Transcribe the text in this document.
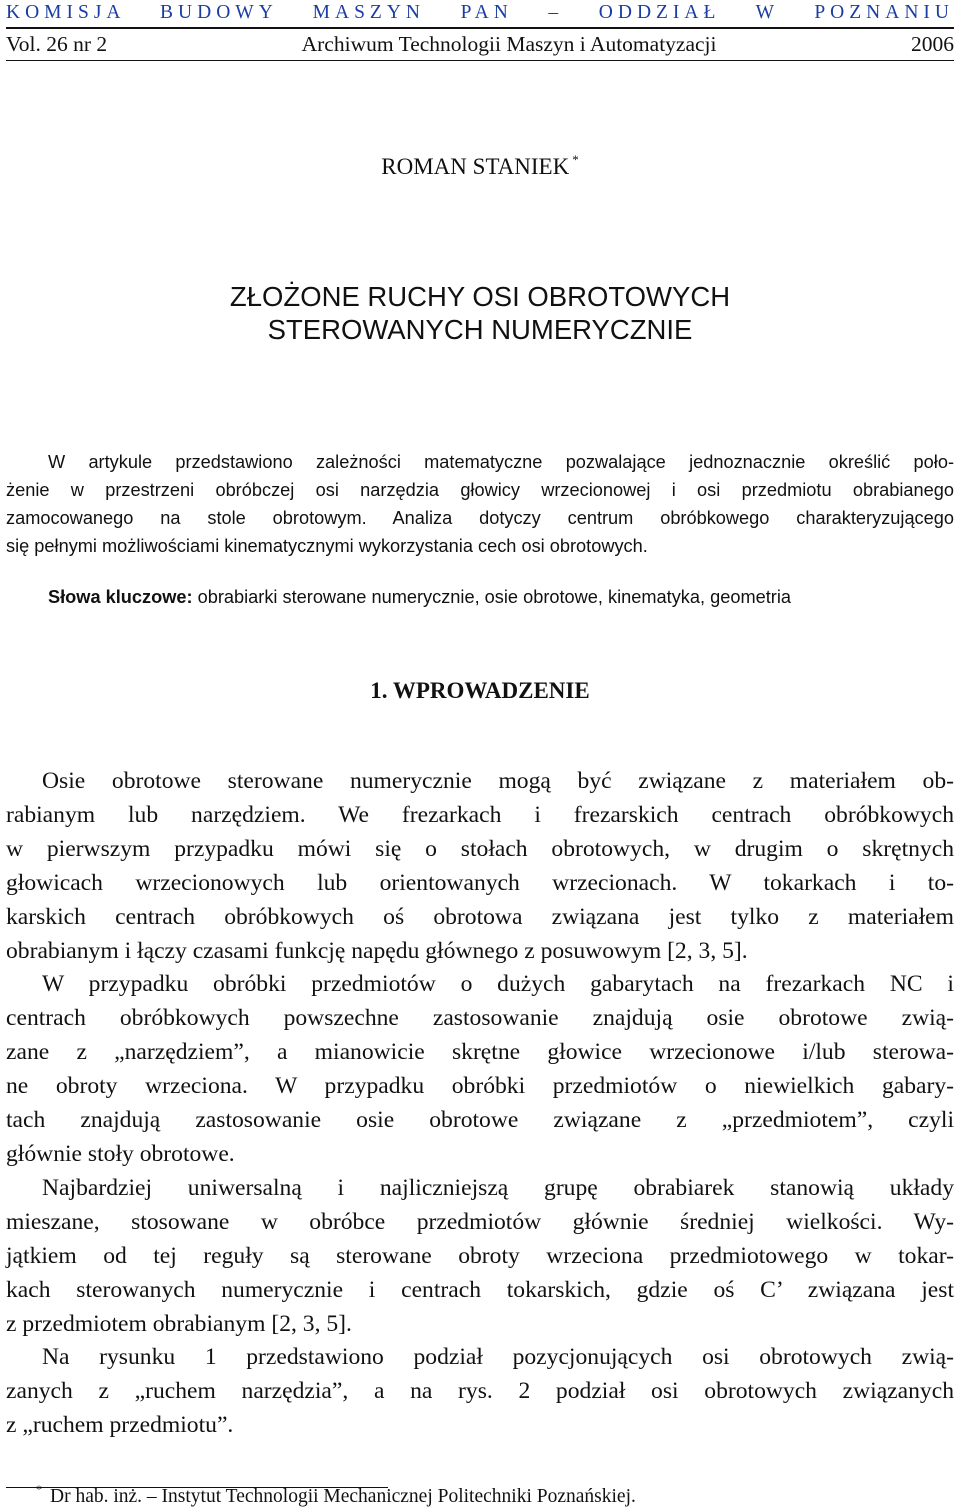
KOMISJA BUDOWY MASZYN PAN – ODDZIAŁ W POZNANIU
Vol. 26 nr 2	Archiwum Technologii Maszyn i Automatyzacji	2006
ROMAN STANIEK *
ZŁOŻONE RUCHY OSI OBROTOWYCH
STEROWANYCH NUMERYCZNIE
W artykule przedstawiono zależności matematyczne pozwalające jednoznacznie określić poło-
żenie w przestrzeni obróbczej osi narzędzia głowicy wrzecionowej i osi przedmiotu obrabianego
zamocowanego na stole obrotowym. Analiza dotyczy centrum obróbkowego charakteryzującego
się pełnymi możliwościami kinematycznymi wykorzystania cech osi obrotowych.
Słowa kluczowe: obrabiarki sterowane numerycznie, osie obrotowe, kinematyka, geometria
1. WPROWADZENIE
Osie obrotowe sterowane numerycznie mogą być związane z materiałem ob-
rabianym lub narzędziem. We frezarkach i frezarskich centrach obróbkowych
w pierwszym przypadku mówi się o stołach obrotowych, w drugim o skrętnych
głowicach wrzecionowych lub orientowanych wrzecionach. W tokarkach i to-
karskich centrach obróbkowych oś obrotowa związana jest tylko z materiałem
obrabianym i łączy czasami funkcję napędu głównego z posuwowym [2, 3, 5].
W przypadku obróbki przedmiotów o dużych gabarytach na frezarkach NC i
centrach obróbkowych powszechne zastosowanie znajdują osie obrotowe zwią-
zane z „narzędziem”, a mianowicie skrętne głowice wrzecionowe i/lub sterowa-
ne obroty wrzeciona. W przypadku obróbki przedmiotów o niewielkich gabary-
tach znajdują zastosowanie osie obrotowe związane z „przedmiotem”, czyli
głównie stoły obrotowe.
Najbardziej uniwersalną i najliczniejszą grupę obrabiarek stanowią układy
mieszane, stosowane w obróbce przedmiotów głównie średniej wielkości. Wy-
jątkiem od tej reguły są sterowane obroty wrzeciona przedmiotowego w tokar-
kach sterowanych numerycznie i centrach tokarskich, gdzie oś C’ związana jest
z przedmiotem obrabianym [2, 3, 5].
Na rysunku 1 przedstawiono podział pozycjonujących osi obrotowych zwią-
zanych z „ruchem narzędzia”, a na rys. 2 podział osi obrotowych związanych
z „ruchem przedmiotu”.
* Dr hab. inż. – Instytut Technologii Mechanicznej Politechniki Poznańskiej.
